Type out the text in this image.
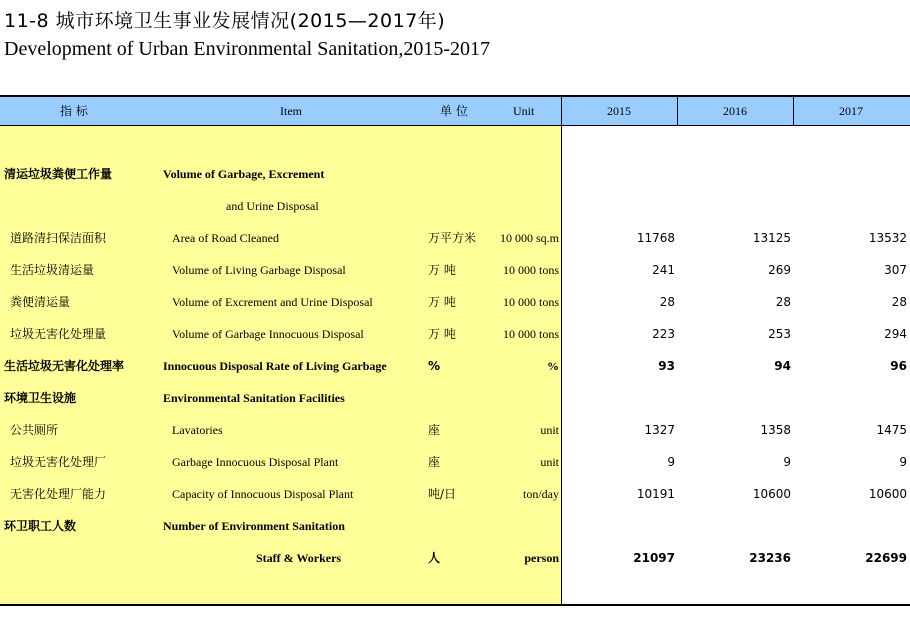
11-8 城市环境卫生事业发展情况(2015—2017年)
Development of Urban Environmental Sanitation,2015-2017
指 标	Item	单 位	Unit	2015	2016	2017
清运垃圾粪便工作量	Volume of Garbage, Excrement
and Urine Disposal
道路清扫保洁面积	Area of Road Cleaned	万平方米	10 000 sq.m	11768	13125	13532
生活垃圾清运量	Volume of Living Garbage Disposal	万 吨	10 000 tons	241	269	307
粪便清运量	Volume of Excrement and Urine Disposal	万 吨	10 000 tons	28	28	28
垃圾无害化处理量	Volume of Garbage Innocuous Disposal	万 吨	10 000 tons	223	253	294
生活垃圾无害化处理率	Innocuous Disposal Rate of Living Garbage	%	%	93	94	96
环境卫生设施	Environmental Sanitation Facilities
公共厕所	Lavatories	座	unit	1327	1358	1475
垃圾无害化处理厂	Garbage Innocuous Disposal Plant	座	unit	9	9	9
无害化处理厂能力	Capacity of Innocuous Disposal Plant	吨/日	ton/day	10191	10600	10600
环卫职工人数	Number of Environment Sanitation
Staff & Workers	人	person	21097	23236	22699
